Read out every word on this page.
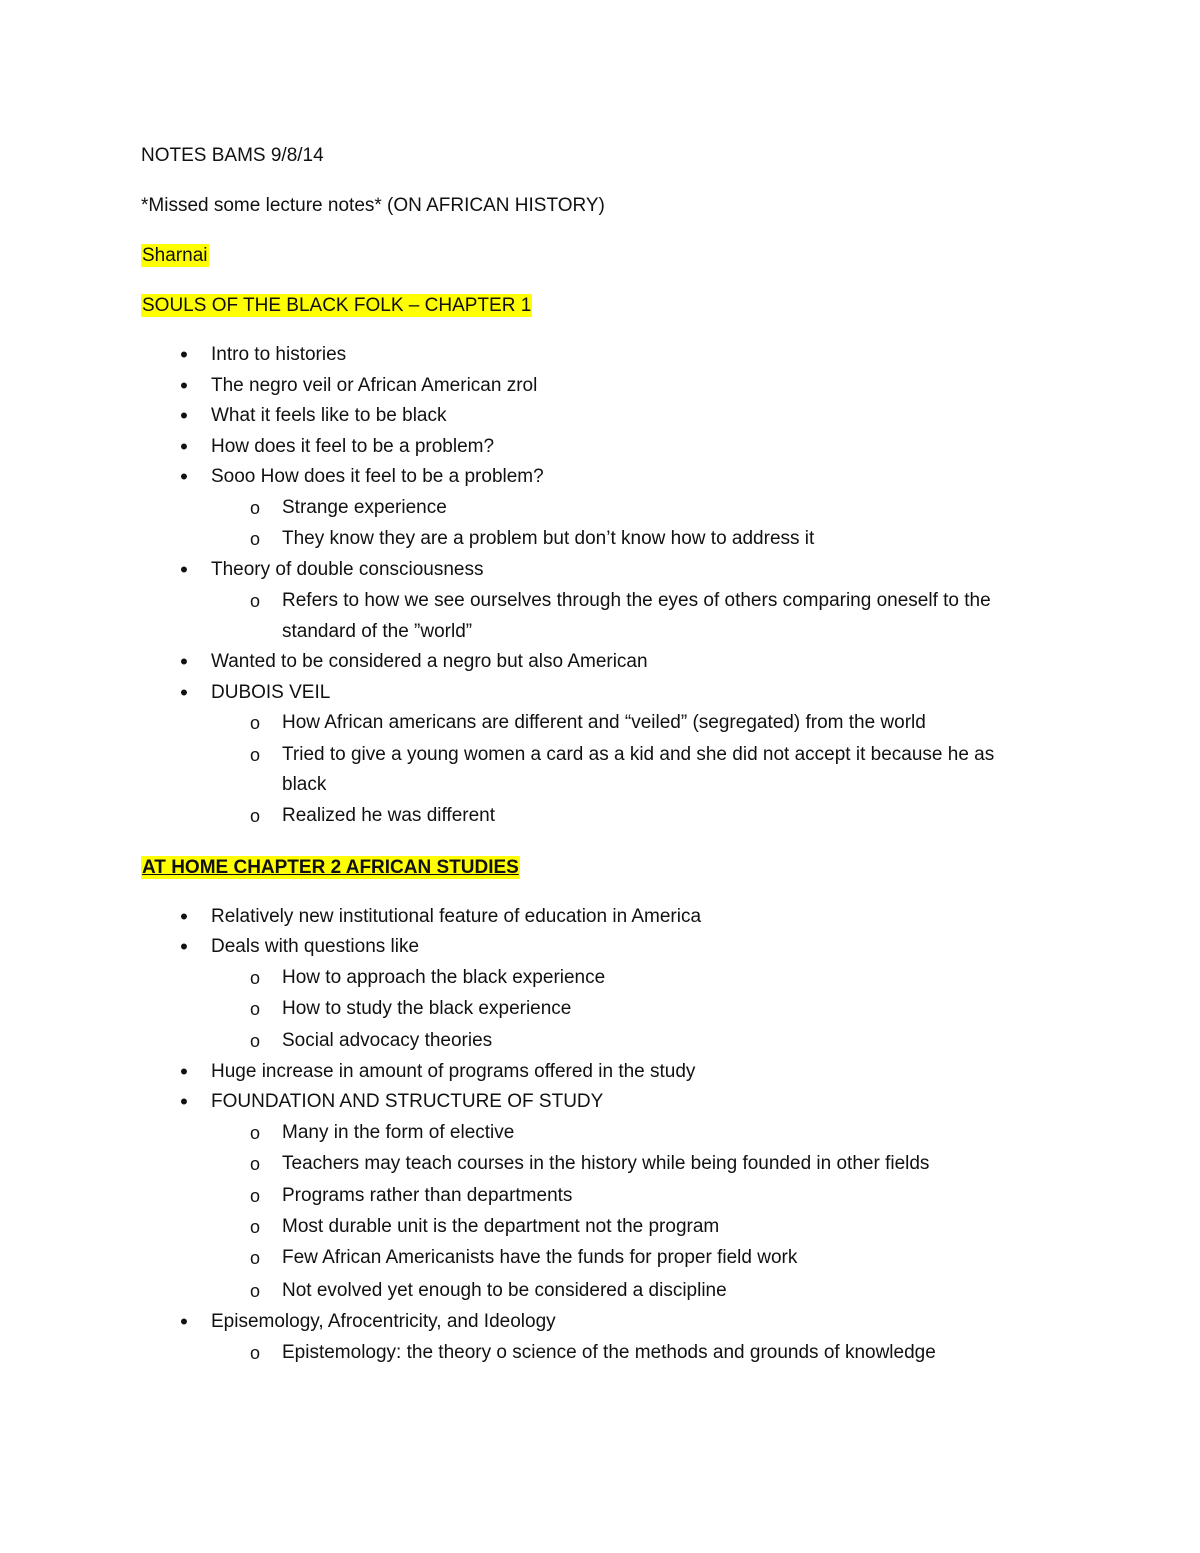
NOTES BAMS 9/8/14
*Missed some lecture notes* (ON AFRICAN HISTORY)
Sharnai
SOULS OF THE BLACK FOLK – CHAPTER 1
• Intro to histories
• The negro veil or African American zrol
• What it feels like to be black
• How does it feel to be a problem?
• Sooo How does it feel to be a problem?
o Strange experience
o They know they are a problem but don’t know how to address it
• Theory of double consciousness
o Refers to how we see ourselves through the eyes of others comparing oneself to the
standard of the ”world”
• Wanted to be considered a negro but also American
• DUBOIS VEIL
o How African americans are different and “veiled” (segregated) from the world
o Tried to give a young women a card as a kid and she did not accept it because he as
black
o Realized he was different
AT HOME CHAPTER 2 AFRICAN STUDIES
• Relatively new institutional feature of education in America
• Deals with questions like
o How to approach the black experience
o How to study the black experience
o Social advocacy theories
• Huge increase in amount of programs offered in the study
• FOUNDATION AND STRUCTURE OF STUDY
o Many in the form of elective
o Teachers may teach courses in the history while being founded in other fields
o Programs rather than departments
o Most durable unit is the department not the program
o Few African Americanists have the funds for proper field work
o Not evolved yet enough to be considered a discipline
• Episemology, Afrocentricity, and Ideology
o Epistemology: the theory o science of the methods and grounds of knowledge
